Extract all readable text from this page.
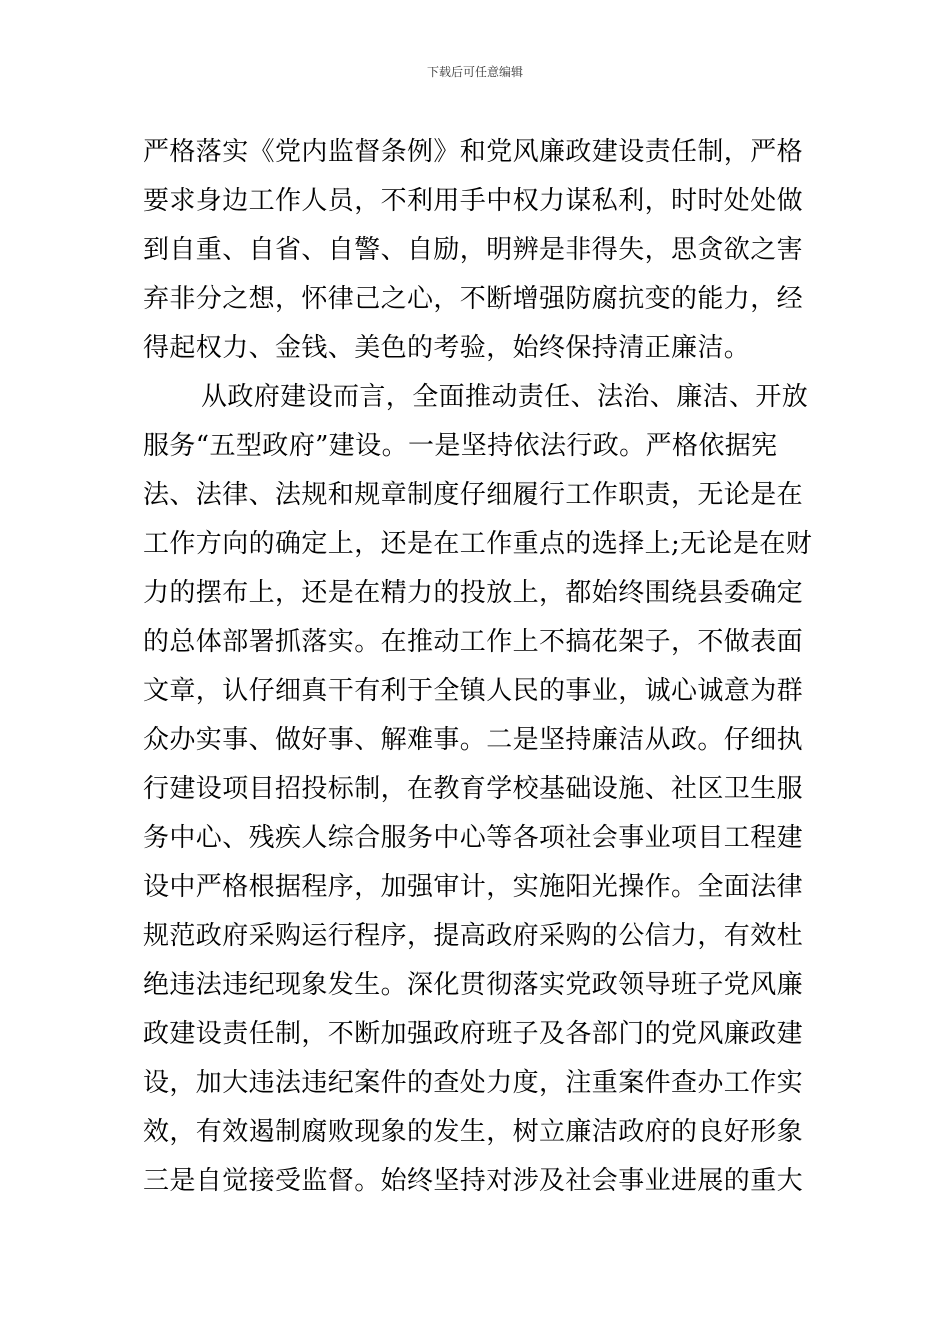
下载后可任意编辑
严格落实《党内监督条例》和党风廉政建设责任制，严格
要求身边工作人员，不利用手中权力谋私利，时时处处做
到自重、自省、自警、自励，明辨是非得失，思贪欲之害
弃非分之想，怀律己之心，不断增强防腐抗变的能力，经
得起权力、金钱、美色的考验，始终保持清正廉洁。
从政府建设而言，全面推动责任、法治、廉洁、开放
服务“五型政府”建设。一是坚持依法行政。严格依据宪
法、法律、法规和规章制度仔细履行工作职责，无论是在
工作方向的确定上，还是在工作重点的选择上;无论是在财
力的摆布上，还是在精力的投放上，都始终围绕县委确定
的总体部署抓落实。在推动工作上不搞花架子，不做表面
文章，认仔细真干有利于全镇人民的事业，诚心诚意为群
众办实事、做好事、解难事。二是坚持廉洁从政。仔细执
行建设项目招投标制，在教育学校基础设施、社区卫生服
务中心、残疾人综合服务中心等各项社会事业项目工程建
设中严格根据程序，加强审计，实施阳光操作。全面法律
规范政府采购运行程序，提高政府采购的公信力，有效杜
绝违法违纪现象发生。深化贯彻落实党政领导班子党风廉
政建设责任制，不断加强政府班子及各部门的党风廉政建
设，加大违法违纪案件的查处力度，注重案件查办工作实
效，有效遏制腐败现象的发生，树立廉洁政府的良好形象
三是自觉接受监督。始终坚持对涉及社会事业进展的重大
